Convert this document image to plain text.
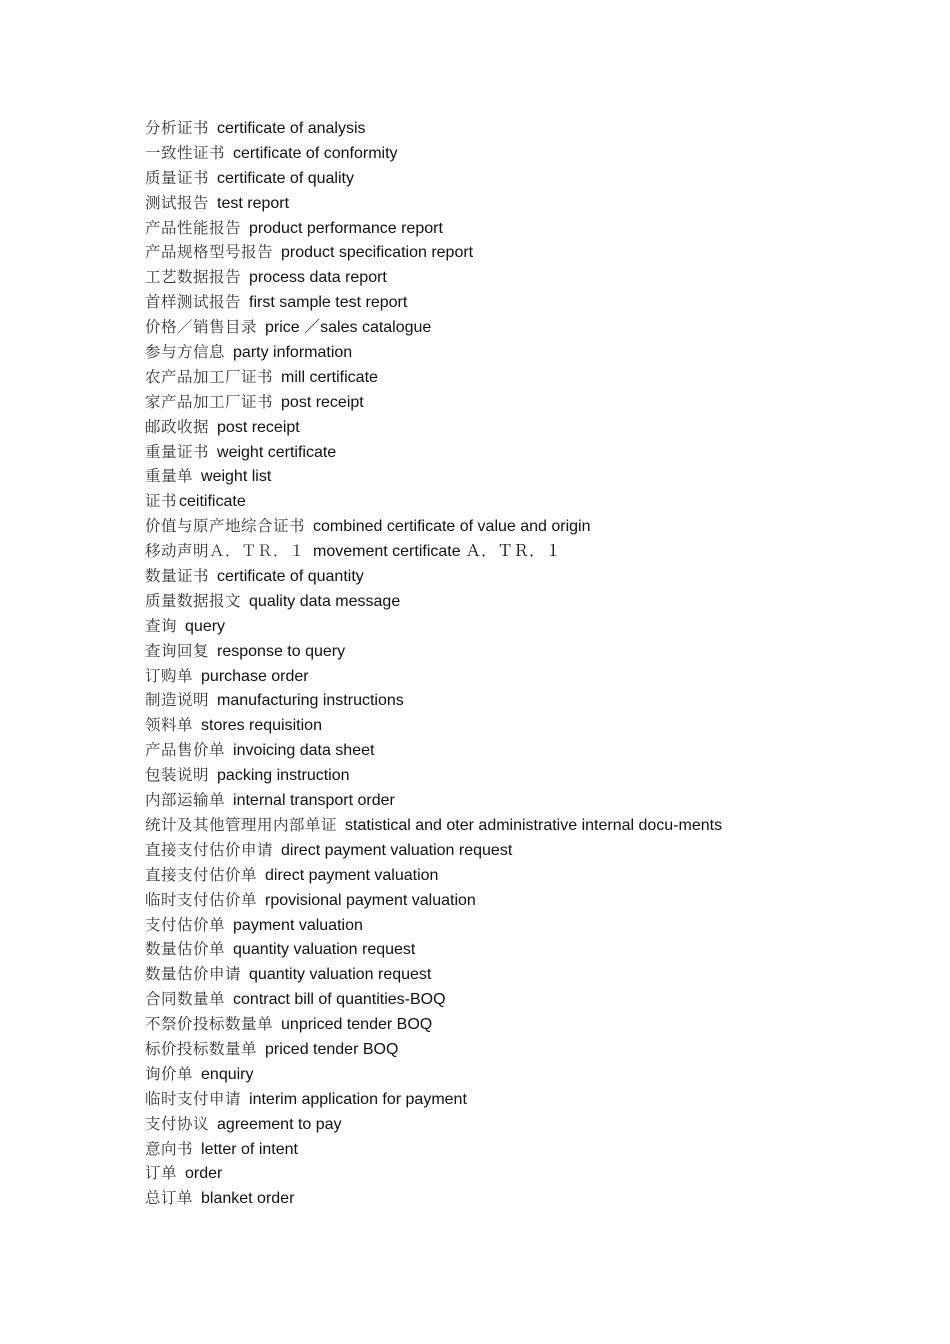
分析证书 certificate of analysis
一致性证书 certificate of conformity
质量证书 certificate of quality
测试报告 test report
产品性能报告 product performance report
产品规格型号报告 product specification report
工艺数据报告 process data report
首样测试报告 first sample test report
价格／销售目录 price ／sales catalogue
参与方信息 party information
农产品加工厂证书 mill certificate
家产品加工厂证书 post receipt
邮政收据 post receipt
重量证书 weight certificate
重量单 weight list
证书 ceitificate
价值与原产地综合证书 combined certificate of value and origin
移动声明Ａ．ＴＲ．１ movement certificate Ａ．ＴＲ．１
数量证书 certificate of quantity
质量数据报文 quality data message
查询 query
查询回复 response to query
订购单 purchase order
制造说明 manufacturing instructions
领料单 stores requisition
产品售价单 invoicing data sheet
包装说明 packing instruction
内部运输单 internal transport order
统计及其他管理用内部单证 statistical and oter administrative internal docu-ments
直接支付估价申请 direct payment valuation request
直接支付估价单 direct payment valuation
临时支付估价单 rpovisional payment valuation
支付估价单 payment valuation
数量估价单 quantity valuation request
数量估价申请 quantity valuation request
合同数量单 contract bill of quantities-BOQ
不祭价投标数量单 unpriced tender BOQ
标价投标数量单 priced tender BOQ
询价单 enquiry
临时支付申请 interim application for payment
支付协议 agreement to pay
意向书 letter of intent
订单 order
总订单 blanket order
